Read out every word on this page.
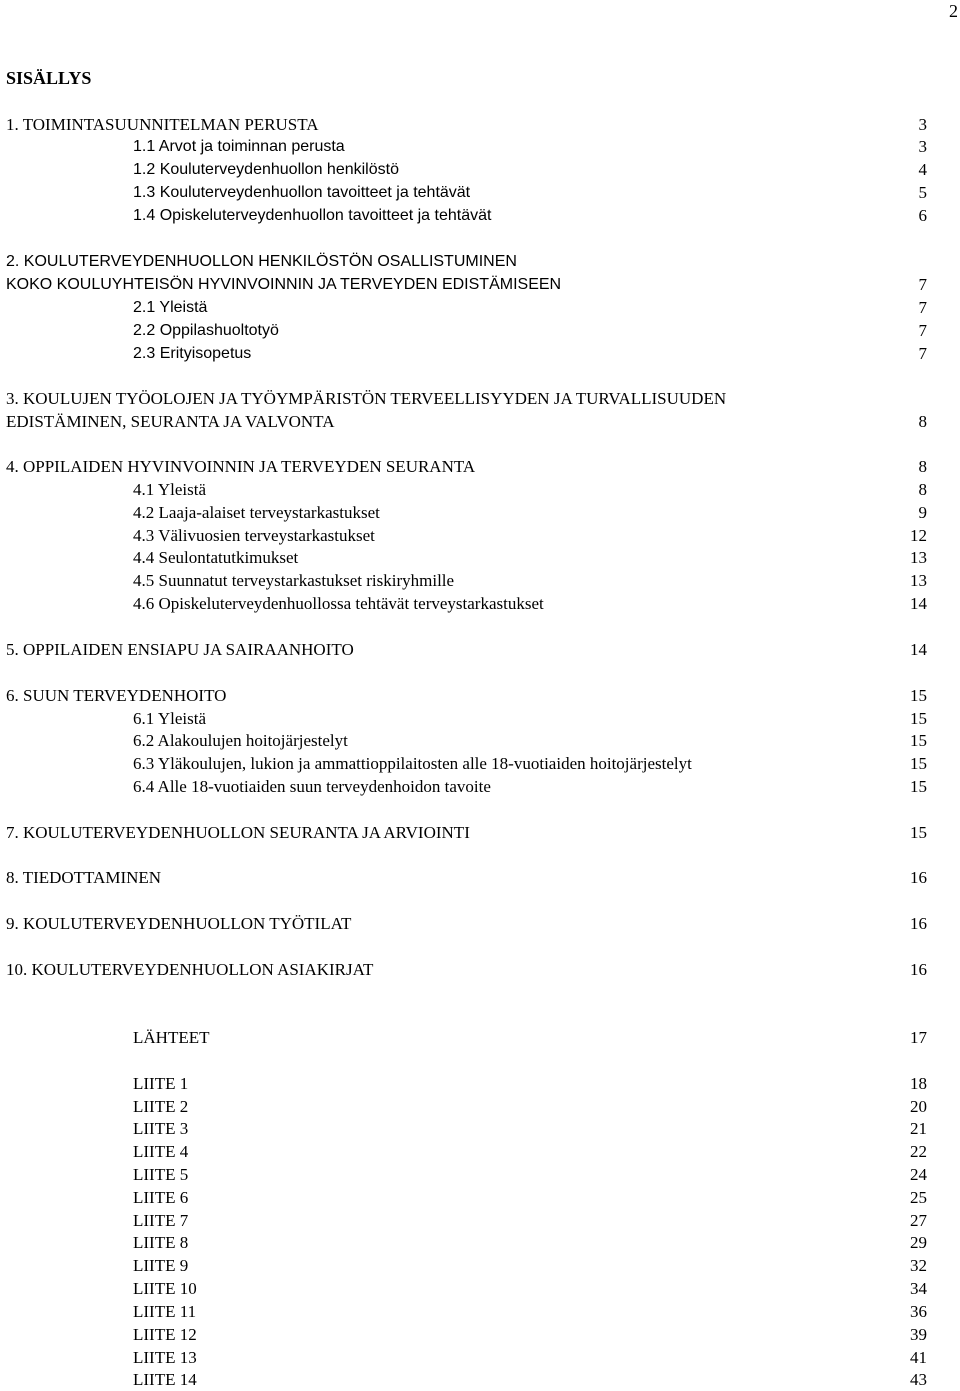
2
SISÄLLYS
1. TOIMINTASUUNNITELMAN PERUSTA	3
1.1 Arvot ja toiminnan perusta	3
1.2 Kouluterveydenhuollon henkilöstö	4
1.3 Kouluterveydenhuollon tavoitteet ja tehtävät	5
1.4 Opiskeluterveydenhuollon tavoitteet ja tehtävät	6
2. KOULUTERVEYDENHUOLLON HENKILÖSTÖN OSALLISTUMINEN
KOKO KOULUYHTEISÖN HYVINVOINNIN JA TERVEYDEN EDISTÄMISEEN	7
2.1 Yleistä	7
2.2 Oppilashuoltotyö	7
2.3 Erityisopetus	7
3. KOULUJEN TYÖOLOJEN JA TYÖYMPÄRISTÖN TERVEELLISYYDEN JA TURVALLISUUDEN
EDISTÄMINEN, SEURANTA JA VALVONTA	8
4. OPPILAIDEN HYVINVOINNIN JA TERVEYDEN SEURANTA	8
4.1 Yleistä	8
4.2 Laaja-alaiset terveystarkastukset	9
4.3 Välivuosien terveystarkastukset	12
4.4 Seulontatutkimukset	13
4.5 Suunnatut terveystarkastukset riskiryhmille	13
4.6 Opiskeluterveydenhuollossa tehtävät terveystarkastukset	14
5. OPPILAIDEN ENSIAPU JA SAIRAANHOITO	14
6. SUUN TERVEYDENHOITO	15
6.1 Yleistä	15
6.2 Alakoulujen hoitojärjestelyt	15
6.3 Yläkoulujen, lukion ja ammattioppilaitosten alle 18-vuotiaiden hoitojärjestelyt	15
6.4 Alle 18-vuotiaiden suun terveydenhoidon tavoite	15
7. KOULUTERVEYDENHUOLLON SEURANTA JA ARVIOINTI	15
8. TIEDOTTAMINEN	16
9. KOULUTERVEYDENHUOLLON TYÖTILAT	16
10. KOULUTERVEYDENHUOLLON ASIAKIRJAT	16
LÄHTEET	17
LIITE 1	18
LIITE 2	20
LIITE 3	21
LIITE 4	22
LIITE 5	24
LIITE 6	25
LIITE 7	27
LIITE 8	29
LIITE 9	32
LIITE 10	34
LIITE 11	36
LIITE 12	39
LIITE 13	41
LIITE 14	43
